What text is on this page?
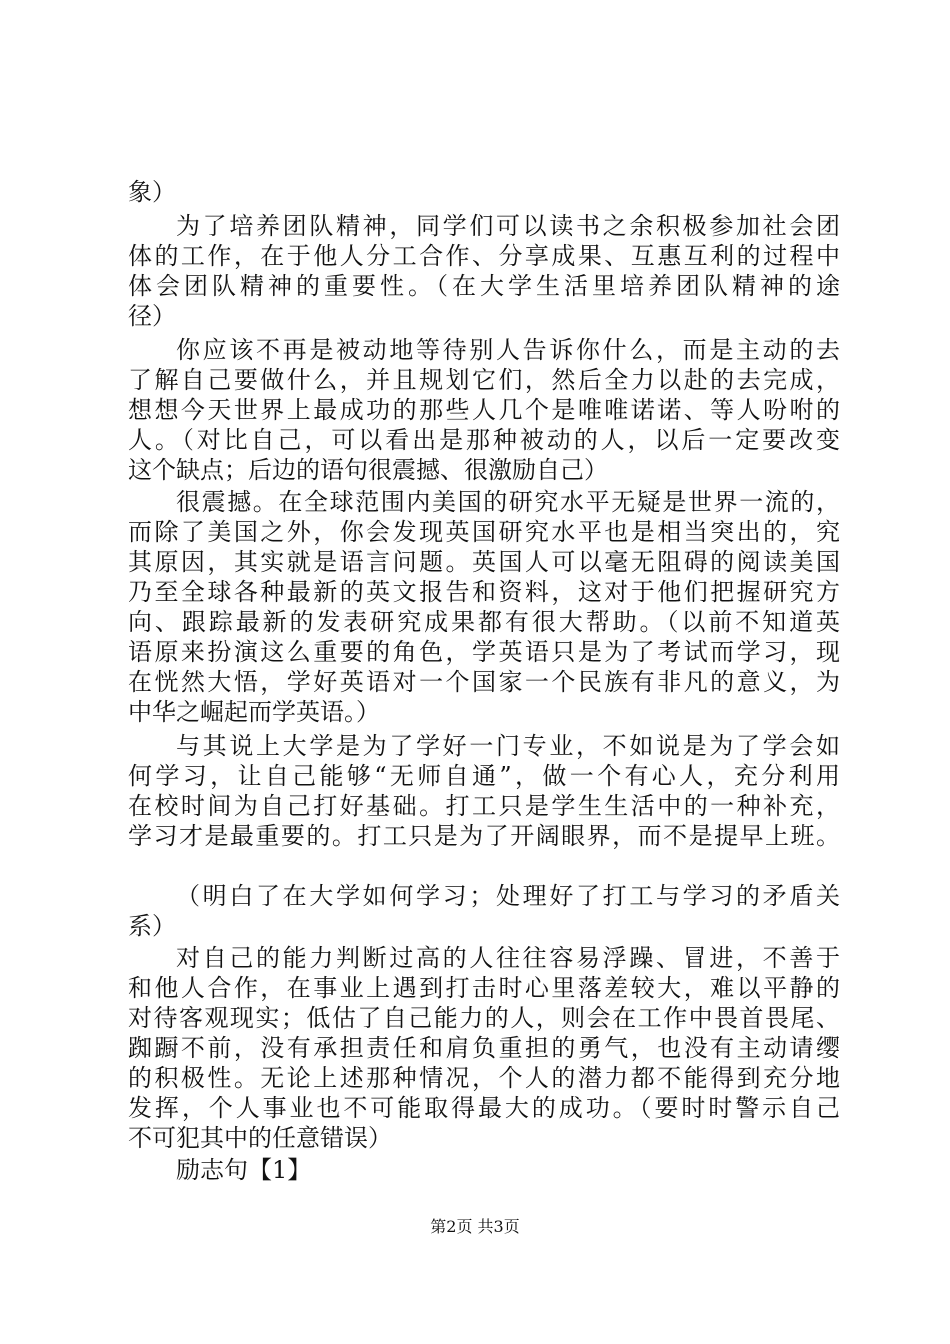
象）
为了培养团队精神，同学们可以读书之余积极参加社会团
体的工作，在于他人分工合作、分享成果、互惠互利的过程中
体会团队精神的重要性。（在大学生活里培养团队精神的途
径）
你应该不再是被动地等待别人告诉你什么，而是主动的去
了解自己要做什么，并且规划它们，然后全力以赴的去完成，
想想今天世界上最成功的那些人几个是唯唯诺诺、等人吩咐的
人。（对比自己，可以看出是那种被动的人，以后一定要改变
这个缺点；后边的语句很震撼、很激励自己）
很震撼。在全球范围内美国的研究水平无疑是世界一流的，
而除了美国之外，你会发现英国研究水平也是相当突出的，究
其原因，其实就是语言问题。英国人可以毫无阻碍的阅读美国
乃至全球各种最新的英文报告和资料，这对于他们把握研究方
向、跟踪最新的发表研究成果都有很大帮助。（以前不知道英
语原来扮演这么重要的角色，学英语只是为了考试而学习，现
在恍然大悟，学好英语对一个国家一个民族有非凡的意义，为
中华之崛起而学英语。）
与其说上大学是为了学好一门专业，不如说是为了学会如
何学习，让自己能够“无师自通”，做一个有心人，充分利用
在校时间为自己打好基础。打工只是学生生活中的一种补充，
学习才是最重要的。打工只是为了开阔眼界，而不是提早上班。
（明白了在大学如何学习；处理好了打工与学习的矛盾关
系）
对自己的能力判断过高的人往往容易浮躁、冒进，不善于
和他人合作，在事业上遇到打击时心里落差较大，难以平静的
对待客观现实；低估了自己能力的人，则会在工作中畏首畏尾、
踟蹰不前，没有承担责任和肩负重担的勇气，也没有主动请缨
的积极性。无论上述那种情况，个人的潜力都不能得到充分地
发挥，个人事业也不可能取得最大的成功。（要时时警示自己
不可犯其中的任意错误）
励志句【1】
第2页 共3页
